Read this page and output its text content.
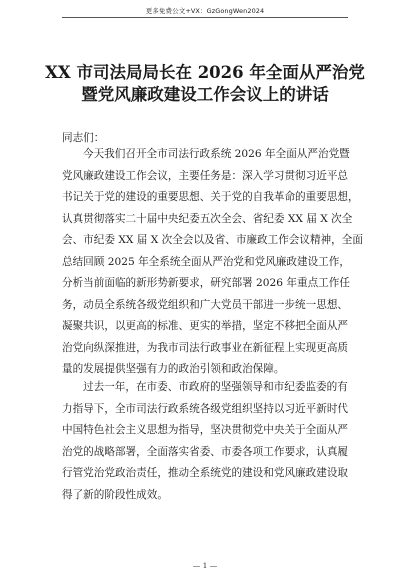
更多免费公文+VX：GzGongWen2024
XX 市司法局局长在 2026 年全面从严治党
暨党风廉政建设工作会议上的讲话

同志们：

今天我们召开全市司法行政系统 2026 年全面从严治党暨
党风廉政建设工作会议，主要任务是：深入学习贯彻习近平总
书记关于党的建设的重要思想、关于党的自我革命的重要思想，
认真贯彻落实二十届中央纪委五次全会、省纪委 XX 届 X 次全
会、市纪委 XX 届 X 次全会以及省、市廉政工作会议精神，全面
总结回顾 2025 年全系统全面从严治党和党风廉政建设工作，
分析当前面临的新形势新要求，研究部署 2026 年重点工作任
务，动员全系统各级党组织和广大党员干部进一步统一思想、
凝聚共识，以更高的标准、更实的举措，坚定不移把全面从严
治党向纵深推进，为我市司法行政事业在新征程上实现更高质
量的发展提供坚强有力的政治引领和政治保障。
过去一年，在市委、市政府的坚强领导和市纪委监委的有
力指导下，全市司法行政系统各级党组织坚持以习近平新时代
中国特色社会主义思想为指导，坚决贯彻党中央关于全面从严
治党的战略部署，全面落实省委、市委各项工作要求，认真履
行管党治党政治责任，推动全系统党的建设和党风廉政建设取
得了新的阶段性成效。
— 1 —
